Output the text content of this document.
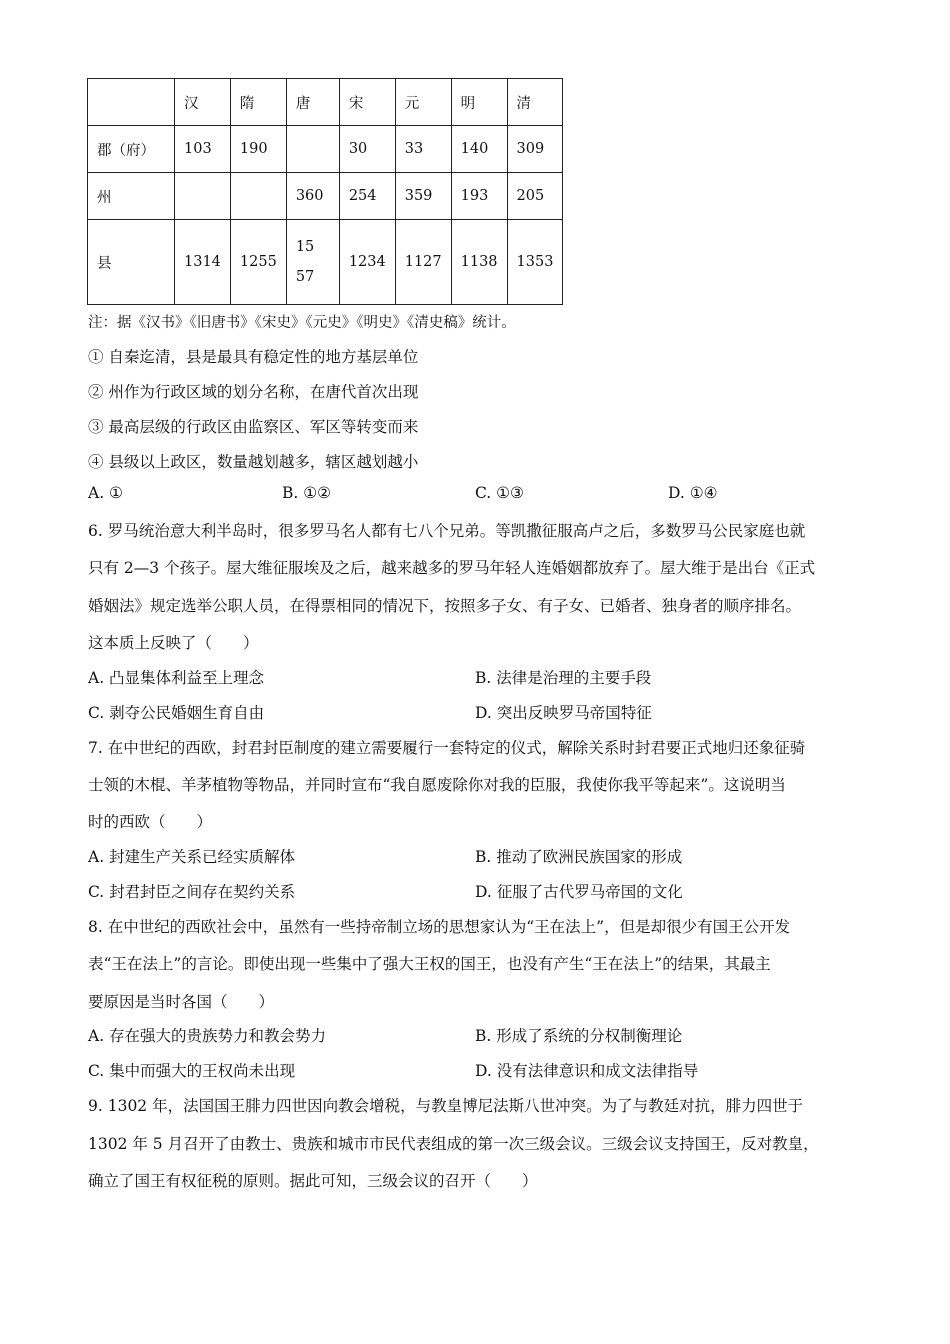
	汉	隋	唐	宋	元	明	清
郡（府）	103	190		30	33	140	309
州			360	254	359	193	205
县	1314	1255	1557	1234	1127	1138	1353
注：据《汉书》《旧唐书》《宋史》《元史》《明史》《清史稿》统计。
① 自秦迄清，县是最具有稳定性的地方基层单位
② 州作为行政区域的划分名称，在唐代首次出现
③ 最高层级的行政区由监察区、军区等转变而来
④ 县级以上政区，数量越划越多，辖区越划越小
A. ①	B. ①②	C. ①③	D. ①④
6. 罗马统治意大利半岛时，很多罗马名人都有七八个兄弟。等凯撒征服高卢之后，多数罗马公民家庭也就
只有 2—3 个孩子。屋大维征服埃及之后，越来越多的罗马年轻人连婚姻都放弃了。屋大维于是出台《正式
婚姻法》规定选举公职人员，在得票相同的情况下，按照多子女、有子女、已婚者、独身者的顺序排名。
这本质上反映了（　　）
A. 凸显集体利益至上理念	B. 法律是治理的主要手段
C. 剥夺公民婚姻生育自由	D. 突出反映罗马帝国特征
7. 在中世纪的西欧，封君封臣制度的建立需要履行一套特定的仪式，解除关系时封君要正式地归还象征骑
士领的木棍、羊茅植物等物品，并同时宣布“我自愿废除你对我的臣服，我使你我平等起来”。这说明当
时的西欧（　　）
A. 封建生产关系已经实质解体	B. 推动了欧洲民族国家的形成
C. 封君封臣之间存在契约关系	D. 征服了古代罗马帝国的文化
8. 在中世纪的西欧社会中，虽然有一些持帝制立场的思想家认为“王在法上”，但是却很少有国王公开发
表“王在法上”的言论。即使出现一些集中了强大王权的国王，也没有产生“王在法上”的结果，其最主
要原因是当时各国（　　）
A. 存在强大的贵族势力和教会势力	B. 形成了系统的分权制衡理论
C. 集中而强大的王权尚未出现	D. 没有法律意识和成文法律指导
9. 1302 年，法国国王腓力四世因向教会增税，与教皇博尼法斯八世冲突。为了与教廷对抗，腓力四世于
1302 年 5 月召开了由教士、贵族和城市市民代表组成的第一次三级会议。三级会议支持国王，反对教皇，
确立了国王有权征税的原则。据此可知，三级会议的召开（　　）
